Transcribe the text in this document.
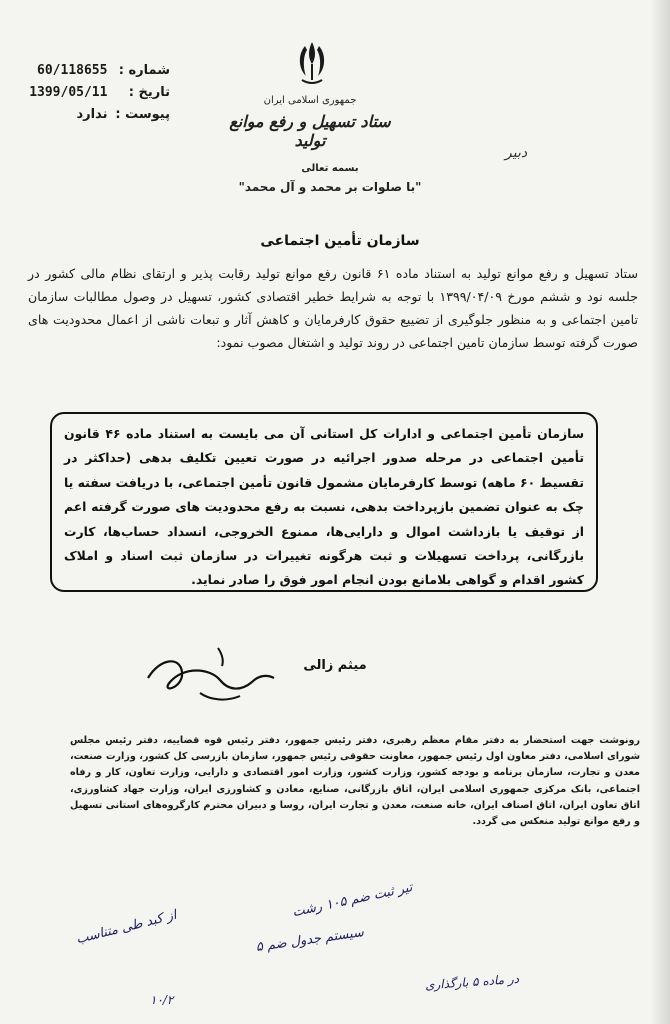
شماره : 60/118655
تاریخ : 1399/05/11
پیوست : ندارد
جمهوری اسلامی ایران
ستاد تسهیل و رفع موانع تولید
دبیر
بسمه تعالی
"با صلوات بر محمد و آل محمد"
سازمان تأمین اجتماعی
ستاد تسهیل و رفع موانع تولید به استناد ماده ۶۱ قانون رفع موانع تولید رقابت پذیر و ارتقای نظام مالی کشور در جلسه نود و ششم مورخ ۱۳۹۹/۰۴/۰۹ با توجه به شرایط خطیر اقتصادی کشور، تسهیل در وصول مطالبات سازمان تامین اجتماعی و به منظور جلوگیری از تضییع حقوق کارفرمایان و کاهش آثار و تبعات ناشی از اعمال محدودیت های صورت گرفته توسط سازمان تامین اجتماعی در روند تولید و اشتغال مصوب نمود:
سازمان تأمین اجتماعی و ادارات کل استانی آن می بایست به استناد ماده ۴۶ قانون تأمین اجتماعی در مرحله صدور اجرائیه در صورت تعیین تکلیف بدهی (حداکثر در تقسیط ۶۰ ماهه) توسط کارفرمایان مشمول قانون تأمین اجتماعی، با دریافت سفته یا چک به عنوان تضمین بازپرداخت بدهی، نسبت به رفع محدودیت های صورت گرفته اعم از توقیف یا بازداشت اموال و دارایی‌ها، ممنوع الخروجی، انسداد حساب‌ها، کارت بازرگانی، پرداخت تسهیلات و ثبت هرگونه تغییرات در سازمان ثبت اسناد و املاک کشور اقدام و گواهی بلامانع بودن انجام امور فوق را صادر نماید.
میثم زالی
رونوشت جهت استحضار به دفتر مقام معظم رهبری، دفتر رئیس جمهور، دفتر رئیس قوه قضاییه، دفتر رئیس مجلس شورای اسلامی، دفتر معاون اول رئیس جمهور، معاونت حقوقی رئیس جمهور، سازمان بازرسی کل کشور، وزارت صنعت، معدن و تجارت، سازمان برنامه و بودجه کشور، وزارت کشور، وزارت امور اقتصادی و دارایی، وزارت تعاون، کار و رفاه اجتماعی، بانک مرکزی جمهوری اسلامی ایران، اتاق بازرگانی، صنایع، معادن و کشاورزی ایران، وزارت جهاد کشاورزی، اتاق تعاون ایران، اتاق اصناف ایران، خانه صنعت، معدن و تجارت ایران، روسا و دبیران محترم کارگروه‌های استانی تسهیل و رفع موانع تولید منعکس می گردد.
تیر ثبت ضم ۱۰۵ رشت
سیستم جدول ضم ۵
از کبد طی متناسب
در ماده ۵ بارگذاری
۱۰/۲
